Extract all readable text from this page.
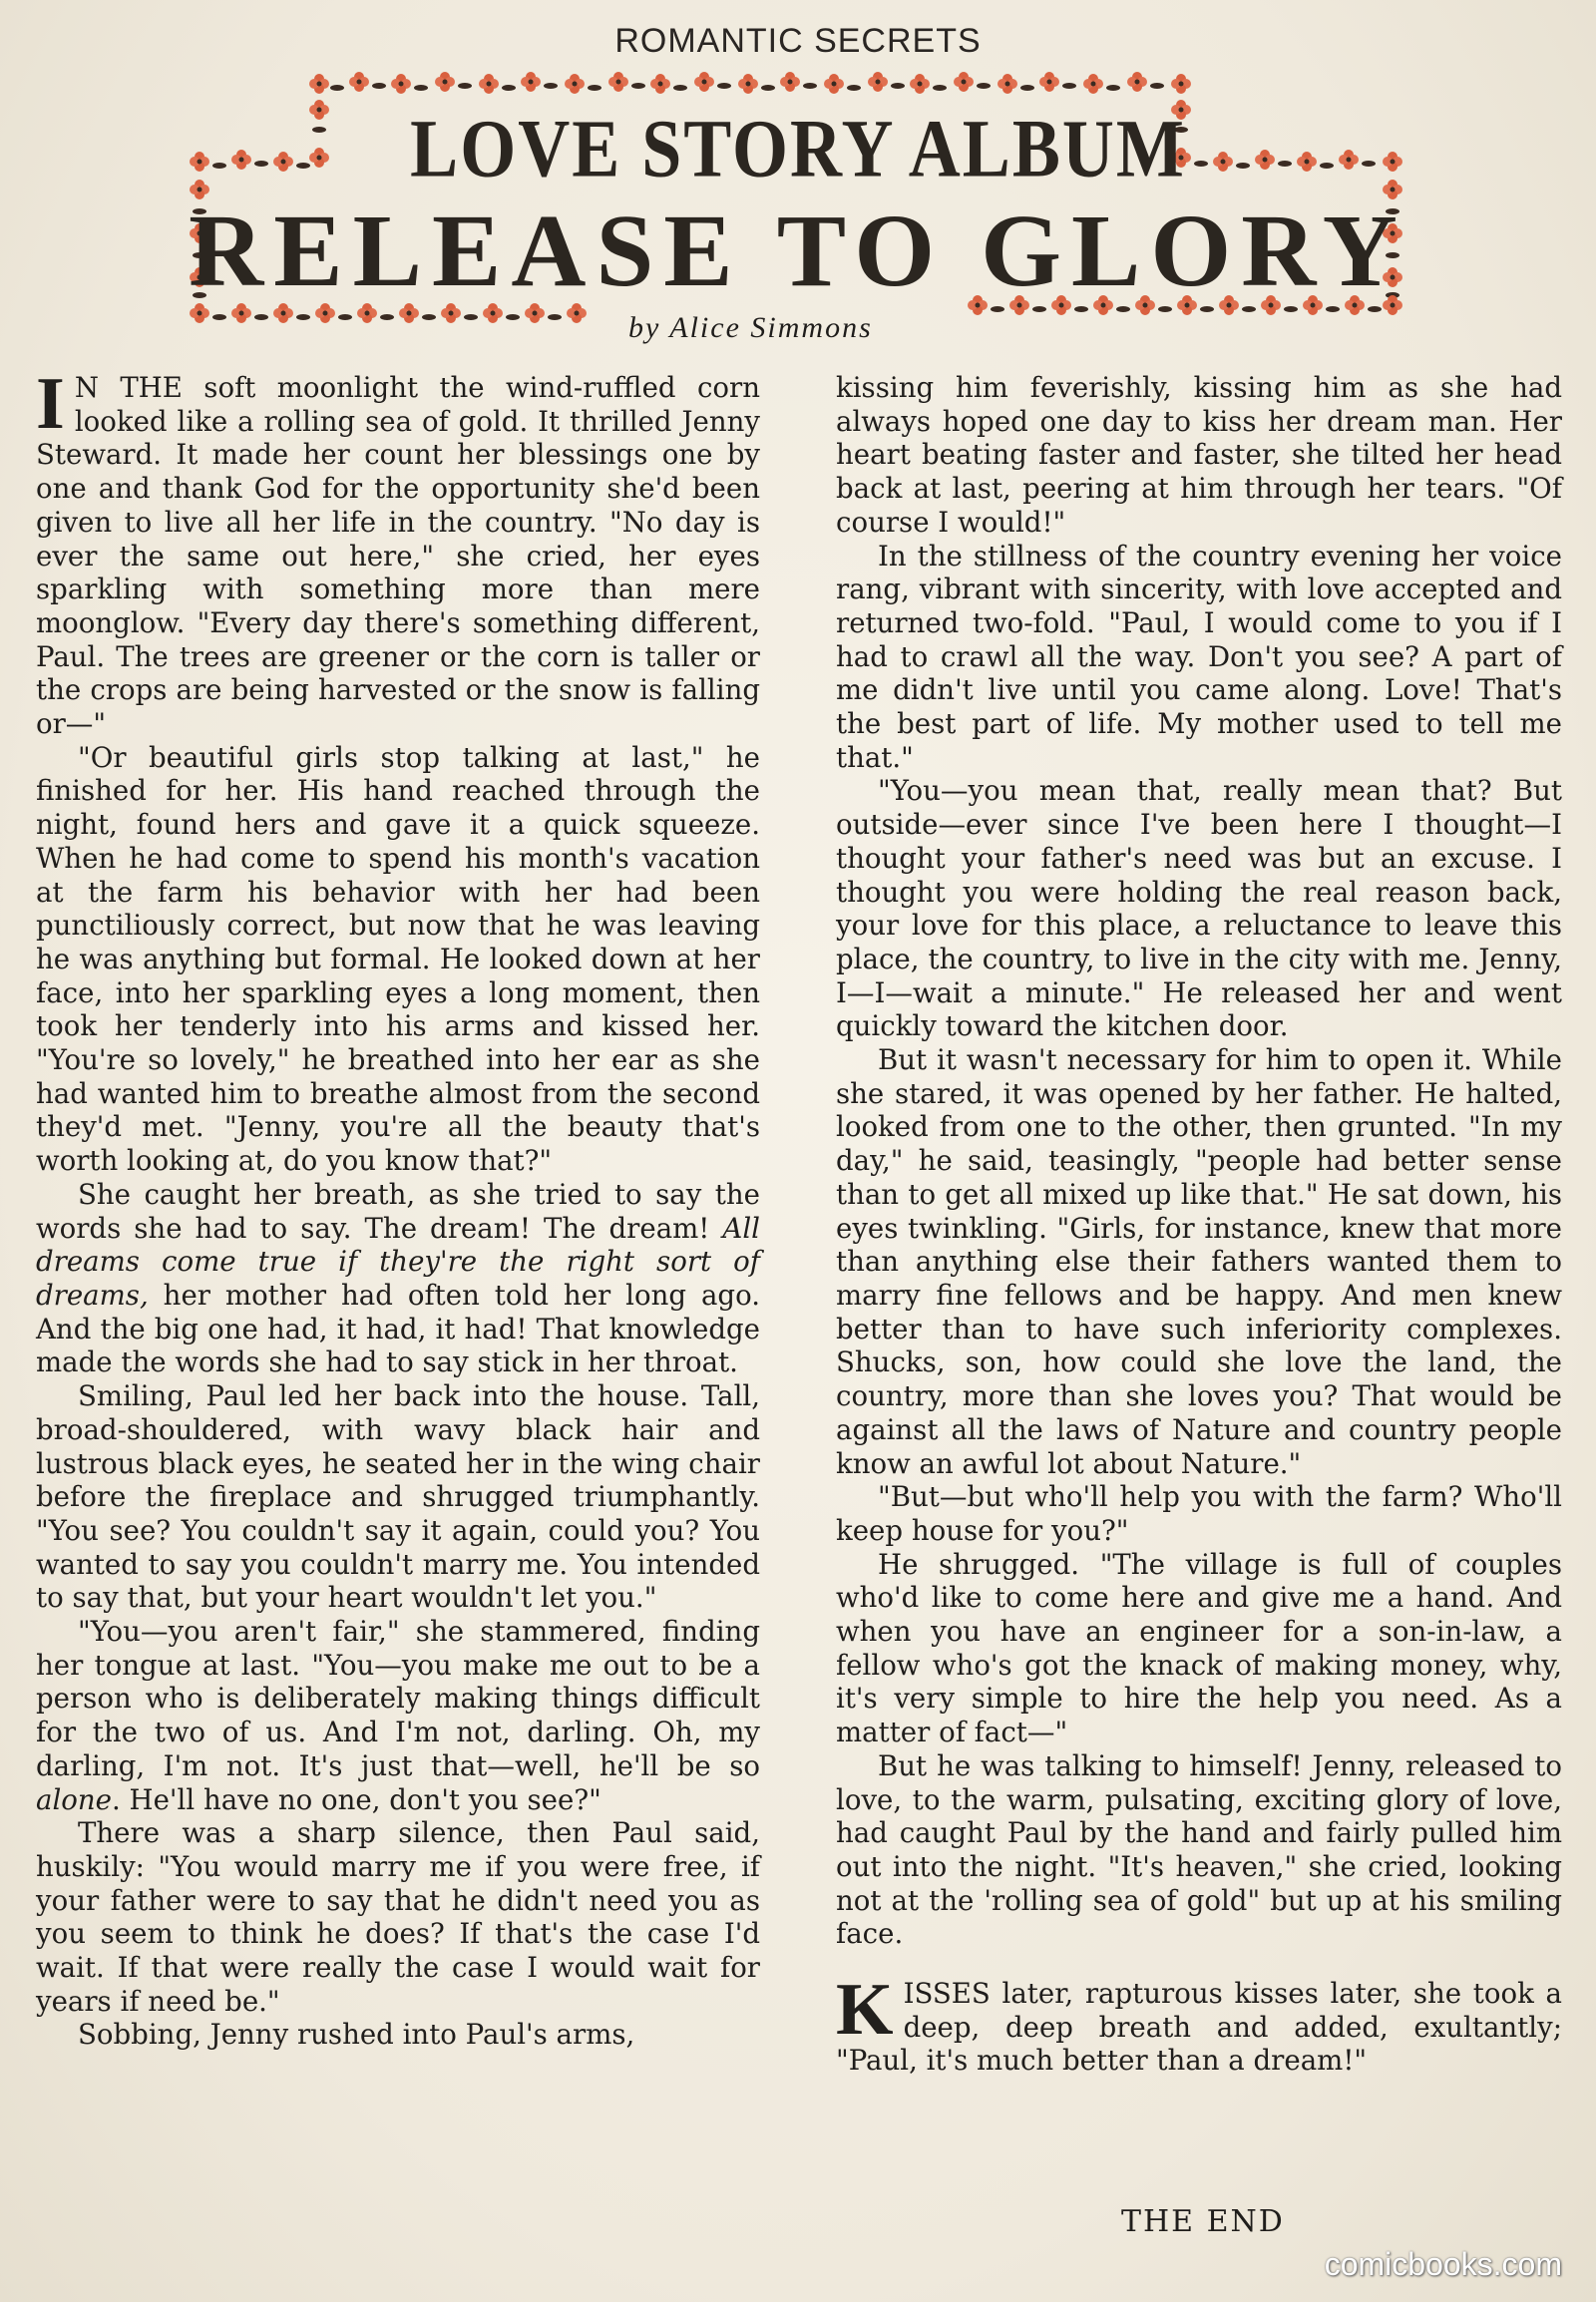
ROMANTIC SECRETS
LOVE STORY ALBUM
RELEASE TO GLORY
by Alice Simmons

I N THE soft moonlight the wind-ruffled corn looked like a rolling sea of gold. It thrilled Jenny Steward. It made her count her blessings one by one and thank God for the opportunity she'd been given to live all her life in the country. "No day is ever the same out here," she cried, her eyes sparkling with something more than mere moonglow. "Every day there's something different, Paul. The trees are greener or the corn is taller or the crops are being harvested or the snow is falling or—"

"Or beautiful girls stop talking at last," he finished for her. His hand reached through the night, found hers and gave it a quick squeeze. When he had come to spend his month's vacation at the farm his behavior with her had been punctiliously correct, but now that he was leaving he was anything but formal. He looked down at her face, into her sparkling eyes a long moment, then took her tenderly into his arms and kissed her. "You're so lovely," he breathed into her ear as she had wanted him to breathe almost from the second they'd met. "Jenny, you're all the beauty that's worth looking at, do you know that?"

She caught her breath, as she tried to say the words she had to say. The dream! The dream! All dreams come true if they're the right sort of dreams, her mother had often told her long ago. And the big one had, it had, it had! That knowledge made the words she had to say stick in her throat.

Smiling, Paul led her back into the house. Tall, broad-shouldered, with wavy black hair and lustrous black eyes, he seated her in the wing chair before the fireplace and shrugged triumphantly. "You see? You couldn't say it again, could you? You wanted to say you couldn't marry me. You intended to say that, but your heart wouldn't let you."

"You—you aren't fair," she stammered, finding her tongue at last. "You—you make me out to be a person who is deliberately making things difficult for the two of us. And I'm not, darling. Oh, my darling, I'm not. It's just that—well, he'll be so alone. He'll have no one, don't you see?"

There was a sharp silence, then Paul said, huskily: "You would marry me if you were free, if your father were to say that he didn't need you as you seem to think he does? If that's the case I'd wait. If that were really the case I would wait for years if need be."

Sobbing, Jenny rushed into Paul's arms,

kissing him feverishly, kissing him as she had always hoped one day to kiss her dream man. Her heart beating faster and faster, she tilted her head back at last, peering at him through her tears. "Of course I would!"

In the stillness of the country evening her voice rang, vibrant with sincerity, with love accepted and returned two-fold. "Paul, I would come to you if I had to crawl all the way. Don't you see? A part of me didn't live until you came along. Love! That's the best part of life. My mother used to tell me that."

"You—you mean that, really mean that? But outside—ever since I've been here I thought—I thought your father's need was but an excuse. I thought you were holding the real reason back, your love for this place, a reluctance to leave this place, the country, to live in the city with me. Jenny, I—I—wait a minute." He released her and went quickly toward the kitchen door.

But it wasn't necessary for him to open it. While she stared, it was opened by her father. He halted, looked from one to the other, then grunted. "In my day," he said, teasingly, "people had better sense than to get all mixed up like that." He sat down, his eyes twinkling. "Girls, for instance, knew that more than anything else their fathers wanted them to marry fine fellows and be happy. And men knew better than to have such inferiority complexes. Shucks, son, how could she love the land, the country, more than she loves you? That would be against all the laws of Nature and country people know an awful lot about Nature."

"But—but who'll help you with the farm? Who'll keep house for you?"

He shrugged. "The village is full of couples who'd like to come here and give me a hand. And when you have an engineer for a son-in-law, a fellow who's got the knack of making money, why, it's very simple to hire the help you need. As a matter of fact—"

But he was talking to himself! Jenny, released to love, to the warm, pulsating, exciting glory of love, had caught Paul by the hand and fairly pulled him out into the night. "It's heaven," she cried, looking not at the 'rolling sea of gold" but up at his smiling face.

KISSES later, rapturous kisses later, she took a deep, deep breath and added, exultantly; "Paul, it's much better than a dream!"

THE END
comicbooks.com
